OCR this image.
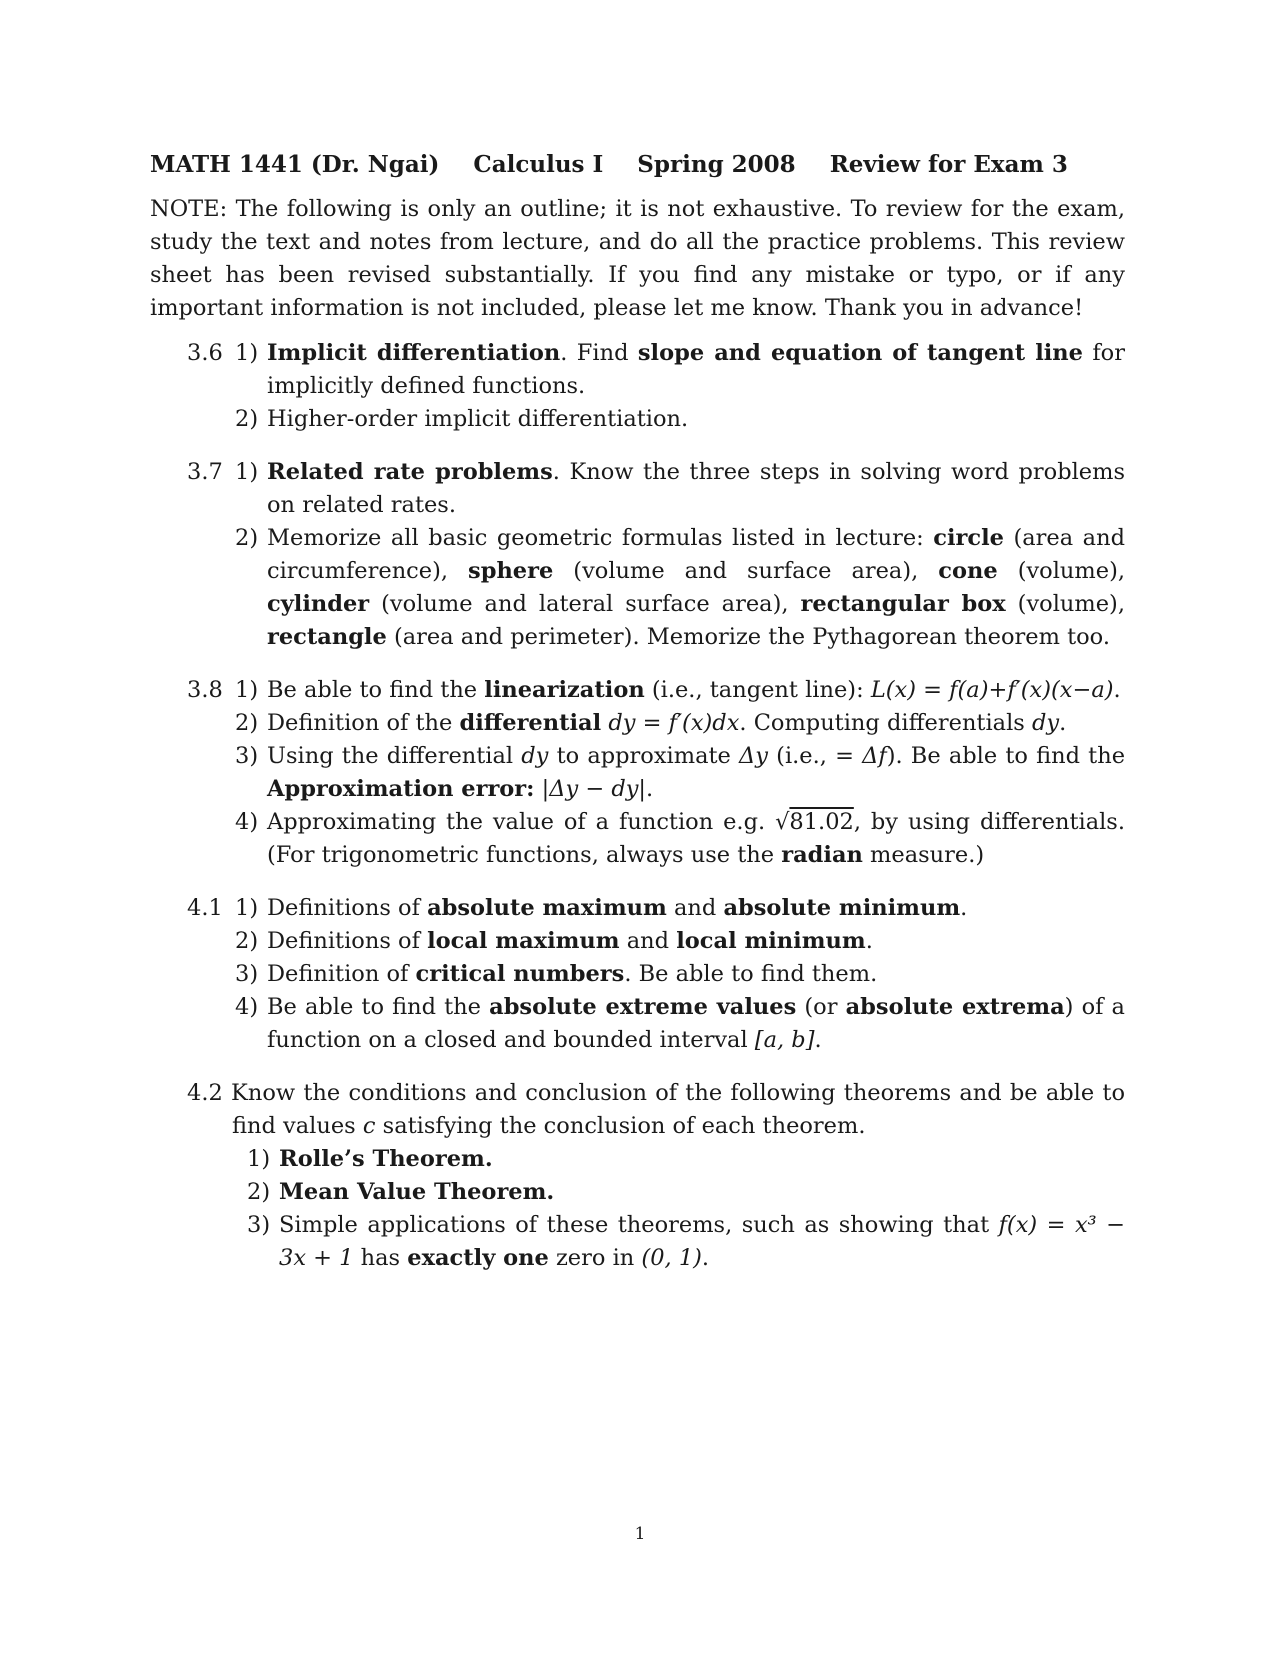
MATH 1441 (Dr. Ngai) Calculus I Spring 2008 Review for Exam 3

NOTE: The following is only an outline; it is not exhaustive. To review for the exam, study the text and notes from lecture, and do all the practice problems. This review sheet has been revised substantially. If you find any mistake or typo, or if any important information is not included, please let me know. Thank you in advance!

3.6 1) Implicit differentiation. Find slope and equation of tangent line for implicitly defined functions.
2) Higher-order implicit differentiation.
3.7 1) Related rate problems. Know the three steps in solving word problems on related rates.
2) Memorize all basic geometric formulas listed in lecture: circle (area and circumference), sphere (volume and surface area), cone (volume), cylinder (volume and lateral surface area), rectangular box (volume), rectangle (area and perimeter). Memorize the Pythagorean theorem too.
3.8 1) Be able to find the linearization (i.e., tangent line): L(x) = f(a)+f′(x)(x−a).
2) Definition of the differential dy = f′(x)dx. Computing differentials dy.
3) Using the differential dy to approximate Δy (i.e., = Δf). Be able to find the Approximation error: |Δy − dy|.
4) Approximating the value of a function e.g. √81.02, by using differentials. (For trigonometric functions, always use the radian measure.)
4.1 1) Definitions of absolute maximum and absolute minimum.
2) Definitions of local maximum and local minimum.
3) Definition of critical numbers. Be able to find them.
4) Be able to find the absolute extreme values (or absolute extrema) of a function on a closed and bounded interval [a, b].
4.2 Know the conditions and conclusion of the following theorems and be able to find values c satisfying the conclusion of each theorem.
1) Rolle’s Theorem.
2) Mean Value Theorem.
3) Simple applications of these theorems, such as showing that f(x) = x³ − 3x + 1 has exactly one zero in (0, 1).
1
